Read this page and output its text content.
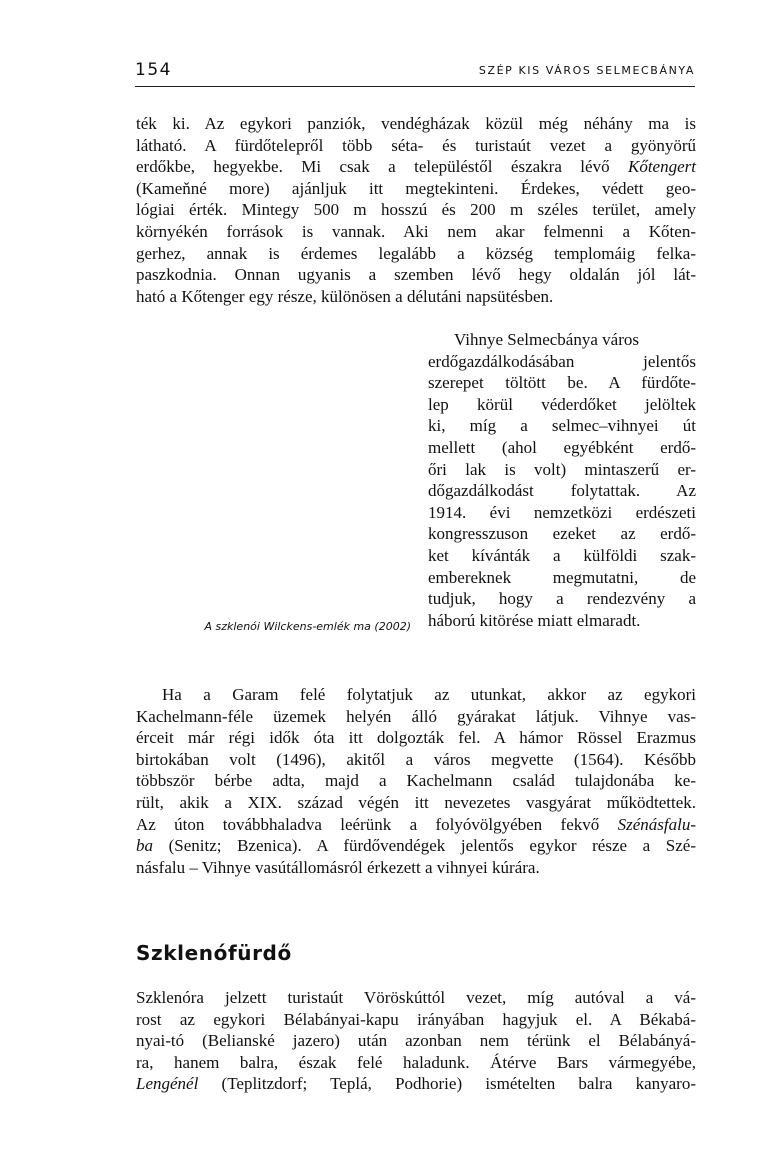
154	SZÉP KIS VÁROS SELMECBÁNYA
ték ki. Az egykori panziók, vendégházak közül még néhány ma is
látható. A fürdőtelepről több séta- és turistaút vezet a gyönyörű
erdőkbe, hegyekbe. Mi csak a településtől északra lévő Kőtengert
(Kameňné more) ajánljuk itt megtekinteni. Érdekes, védett geo-
lógiai érték. Mintegy 500 m hosszú és 200 m széles terület, amely
környékén források is vannak. Aki nem akar felmenni a Kőten-
gerhez, annak is érdemes legalább a község templomáig felka-
paszkodnia. Onnan ugyanis a szemben lévő hegy oldalán jól lát-
ható a Kőtenger egy része, különösen a délutáni napsütésben.
Vihnye Selmecbánya város
erdőgazdálkodásában jelentős
szerepet töltött be. A fürdőte-
lep körül véderdőket jelöltek
ki, míg a selmec–vihnyei út
mellett (ahol egyébként erdő-
őri lak is volt) mintaszerű er-
dőgazdálkodást folytattak. Az
1914. évi nemzetközi erdészeti
kongresszuson ezeket az erdő-
ket kívánták a külföldi szak-
embereknek megmutatni, de
tudjuk, hogy a rendezvény a
háború kitörése miatt elmaradt.
A szklenói Wilckens-emlék ma (2002)
Ha a Garam felé folytatjuk az utunkat, akkor az egykori
Kachelmann-féle üzemek helyén álló gyárakat látjuk. Vihnye vas-
érceit már régi idők óta itt dolgozták fel. A hámor Rössel Erazmus
birtokában volt (1496), akitől a város megvette (1564). Később
többször bérbe adta, majd a Kachelmann család tulajdonába ke-
rült, akik a XIX. század végén itt nevezetes vasgyárat működtettek.
Az úton továbbhaladva leérünk a folyóvölgyében fekvő Szénásfalu-
ba (Senitz; Bzenica). A fürdővendégek jelentős egykor része a Szé-
násfalu – Vihnye vasútállomásról érkezett a vihnyei kúrára.
Szklenófürdő
Szklenóra jelzett turistaút Vöröskúttól vezet, míg autóval a vá-
rost az egykori Bélabányai-kapu irányában hagyjuk el. A Békabá-
nyai-tó (Belianské jazero) után azonban nem térünk el Bélabányá-
ra, hanem balra, észak felé haladunk. Átérve Bars vármegyébe,
Lengénél (Teplitzdorf; Teplá, Podhorie) ismételten balra kanyaro-
